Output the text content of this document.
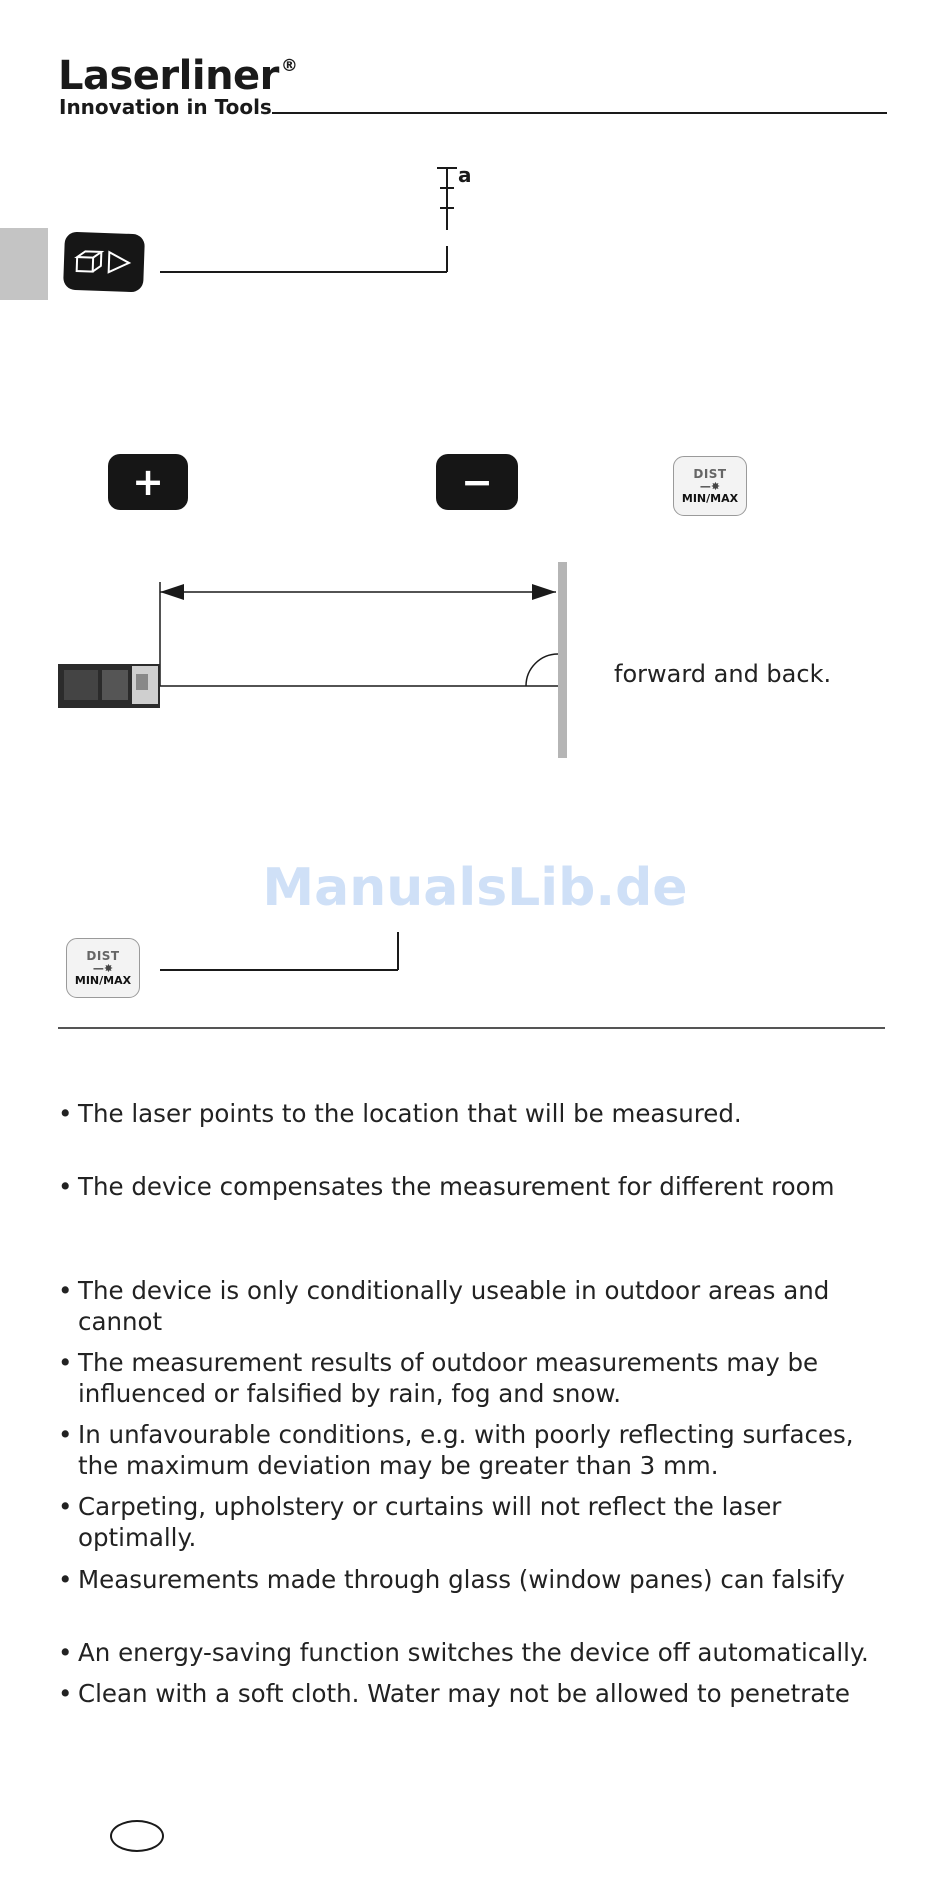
Laserliner ®
Innovation in Tools
a
+	−	DIST
—✸
MIN/MAX
forward and back.
ManualsLib.de
DIST
—✸
MIN/MAX
• The laser points to the location that will be measured.
• The device compensates the measurement for different room
• The device is only conditionally useable in outdoor areas and cannot
• The measurement results of outdoor measurements may be influenced or falsified by rain, fog and snow.
• In unfavourable conditions, e.g. with poorly reflecting surfaces, the maximum deviation may be greater than 3 mm.
• Carpeting, upholstery or curtains will not reflect the laser optimally.
• Measurements made through glass (window panes) can falsify
• An energy-saving function switches the device off automatically.
• Clean with a soft cloth. Water may not be allowed to penetrate
